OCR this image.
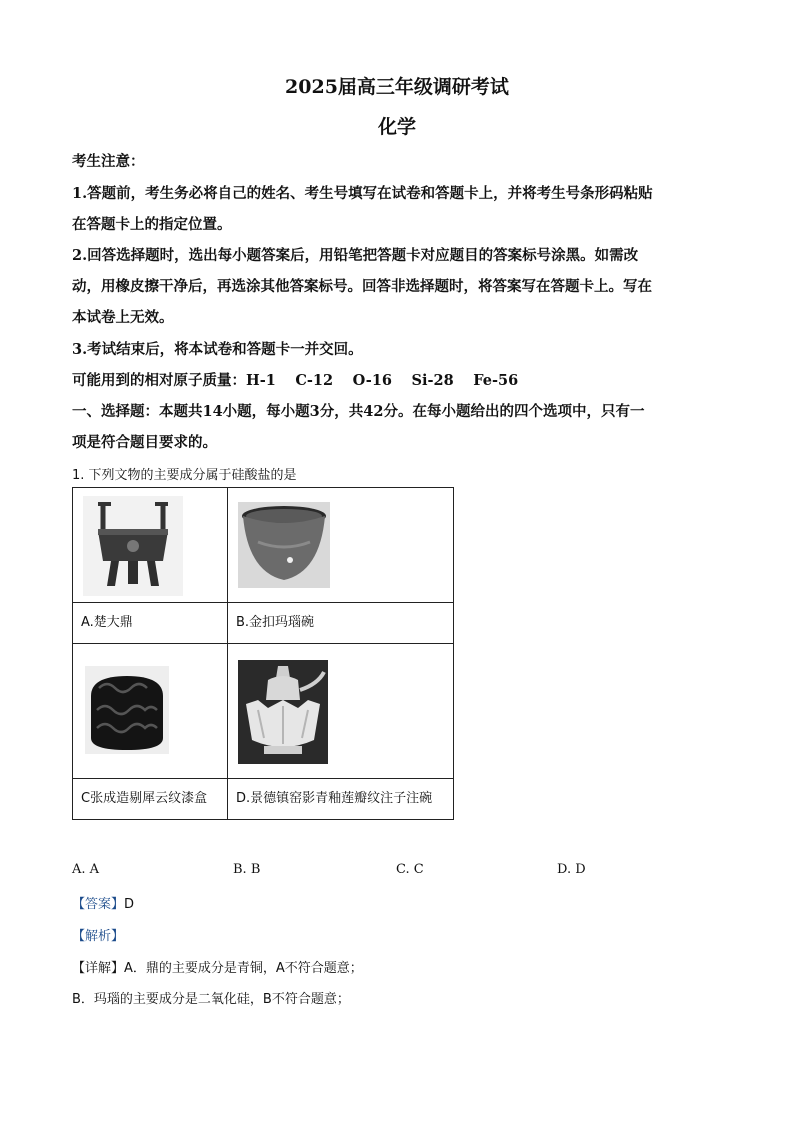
2025届高三年级调研考试
化学
考生注意：
1.答题前，考生务必将自己的姓名、考生号填写在试卷和答题卡上，并将考生号条形码粘贴
在答题卡上的指定位置。
2.回答选择题时，选出每小题答案后，用铅笔把答题卡对应题目的答案标号涂黑。如需改
动，用橡皮擦干净后，再选涂其他答案标号。回答非选择题时，将答案写在答题卡上。写在
本试卷上无效。
3.考试结束后，将本试卷和答题卡一并交回。
可能用到的相对原子质量：H-1　 C-12　 O-16　 Si-28　 Fe-56
一、选择题：本题共14小题，每小题3分，共42分。在每小题给出的四个选项中，只有一
项是符合题目要求的。
1. 下列文物的主要成分属于硅酸盐的是

A.楚大鼎	B.金扣玛瑙碗

C张成造剔犀云纹漆盒	D.景德镇窑影青釉莲瓣纹注子注碗
A. A	B. B	C. C	D. D
【答案】D
【解析】
【详解】A．鼎的主要成分是青铜，A不符合题意；
B．玛瑙的主要成分是二氧化硅，B不符合题意；
